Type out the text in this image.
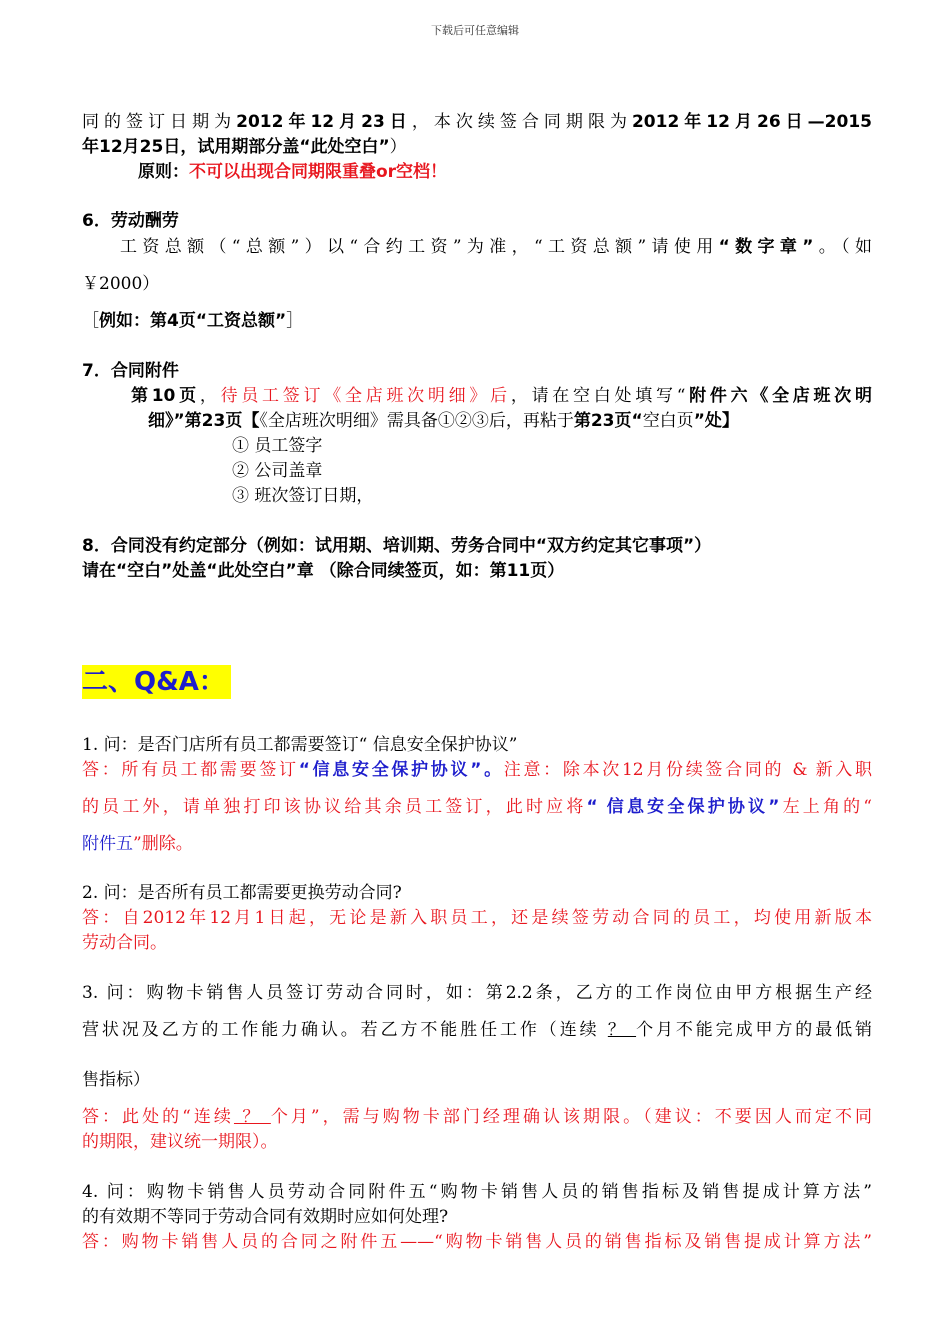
下载后可任意编辑
同的签订日期为2012年12月23日，本次续签合同期限为2012年12月26日—2015
年12月25日，试用期部分盖“此处空白”）
原则：不可以出现合同期限重叠or空档！
6．劳动酬劳
工资总额（“总额”）以“合约工资”为准，“工资总额”请使用“数字章”。（如
￥2000）
［例如：第4页“工资总额”］
7．合同附件
第10页，待员工签订《全店班次明细》后，请在空白处填写“附件六《全店班次明
细》”第23页【《全店班次明细》需具备①②③后，再粘于第23页“空白页”处】
① 员工签字
② 公司盖章
③ 班次签订日期，
8．合同没有约定部分（例如：试用期、培训期、劳务合同中“双方约定其它事项”）
请在“空白”处盖“此处空白”章 （除合同续签页，如：第11页）
二、Q&A：
1. 问：是否门店所有员工都需要签订“ 信息安全保护协议”
答：所有员工都需要签订“信息安全保护协议”。注意：除本次12月份续签合同的 & 新入职
的员工外，请单独打印该协议给其余员工签订，此时应将“ 信息安全保护协议”左上角的“
附件五”删除。
2. 问：是否所有员工都需要更换劳动合同?
答：自2012年12月1日起，无论是新入职员工，还是续签劳动合同的员工，均使用新版本
劳动合同。
3. 问：购物卡销售人员签订劳动合同时，如：第2.2条，乙方的工作岗位由甲方根据生产经
营状况及乙方的工作能力确认。若乙方不能胜任工作（连续 ？ 个月不能完成甲方的最低销
售指标）
答：此处的“连续 ？ 个月”，需与购物卡部门经理确认该期限。（建议：不要因人而定不同
的期限，建议统一期限）。
4. 问：购物卡销售人员劳动合同附件五“购物卡销售人员的销售指标及销售提成计算方法”
的有效期不等同于劳动合同有效期时应如何处理?
答：购物卡销售人员的合同之附件五——“购物卡销售人员的销售指标及销售提成计算方法”
